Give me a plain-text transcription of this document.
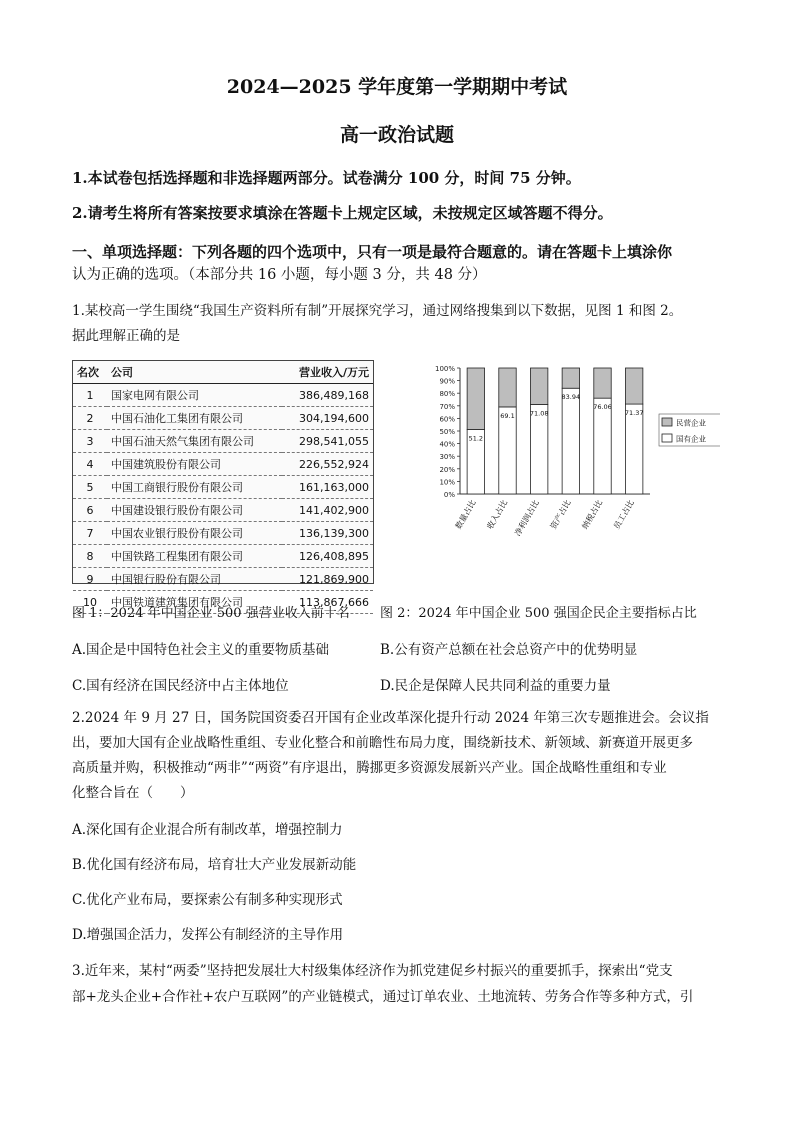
2024—2025 学年度第一学期期中考试
高一政治试题
1.本试卷包括选择题和非选择题两部分。试卷满分 100 分，时间 75 分钟。
2.请考生将所有答案按要求填涂在答题卡上规定区域，未按规定区域答题不得分。
一、单项选择题：下列各题的四个选项中，只有一项是最符合题意的。请在答题卡上填涂你
认为正确的选项。（本部分共 16 小题，每小题 3 分，共 48 分）
1.某校高一学生围绕“我国生产资料所有制”开展探究学习，通过网络搜集到以下数据，见图 1 和图 2。
据此理解正确的是
名次	公司	营业收入/万元
1	国家电网有限公司	386,489,168
2	中国石油化工集团有限公司	304,194,600
3	中国石油天然气集团有限公司	298,541,055
4	中国建筑股份有限公司	226,552,924
5	中国工商银行股份有限公司	161,163,000
6	中国建设银行股份有限公司	141,402,900
7	中国农业银行股份有限公司	136,139,300
8	中国铁路工程集团有限公司	126,408,895
9	中国银行股份有限公司	121,869,900
10	中国铁道建筑集团有限公司	113,867,666
0%
10%
20%
30%
40%
50%
60%
70%
80%
90%
100%
51.2
数量占比
69.1
收入占比
71.08
净利润占比
83.94
资产占比
76.06
纳税占比
71.37
员工占比
民营企业
国有企业
图 1：2024 年中国企业 500 强营业收入前十名 图 2：2024 年中国企业 500 强国企民企主要指标占比
A.国企是中国特色社会主义的重要物质基础	B.公有资产总额在社会总资产中的优势明显
C.国有经济在国民经济中占主体地位	D.民企是保障人民共同利益的重要力量
2.2024 年 9 月 27 日，国务院国资委召开国有企业改革深化提升行动 2024 年第三次专题推进会。会议指
出，要加大国有企业战略性重组、专业化整合和前瞻性布局力度，围绕新技术、新领域、新赛道开展更多
高质量并购，积极推动“两非”“两资”有序退出，腾挪更多资源发展新兴产业。国企战略性重组和专业
化整合旨在（　　）
A.深化国有企业混合所有制改革，增强控制力
B.优化国有经济布局，培育壮大产业发展新动能
C.优化产业布局，要探索公有制多种实现形式
D.增强国企活力，发挥公有制经济的主导作用
3.近年来，某村“两委”坚持把发展壮大村级集体经济作为抓党建促乡村振兴的重要抓手，探索出“党支
部+龙头企业+合作社+农户互联网”的产业链模式，通过订单农业、土地流转、劳务合作等多种方式，引
